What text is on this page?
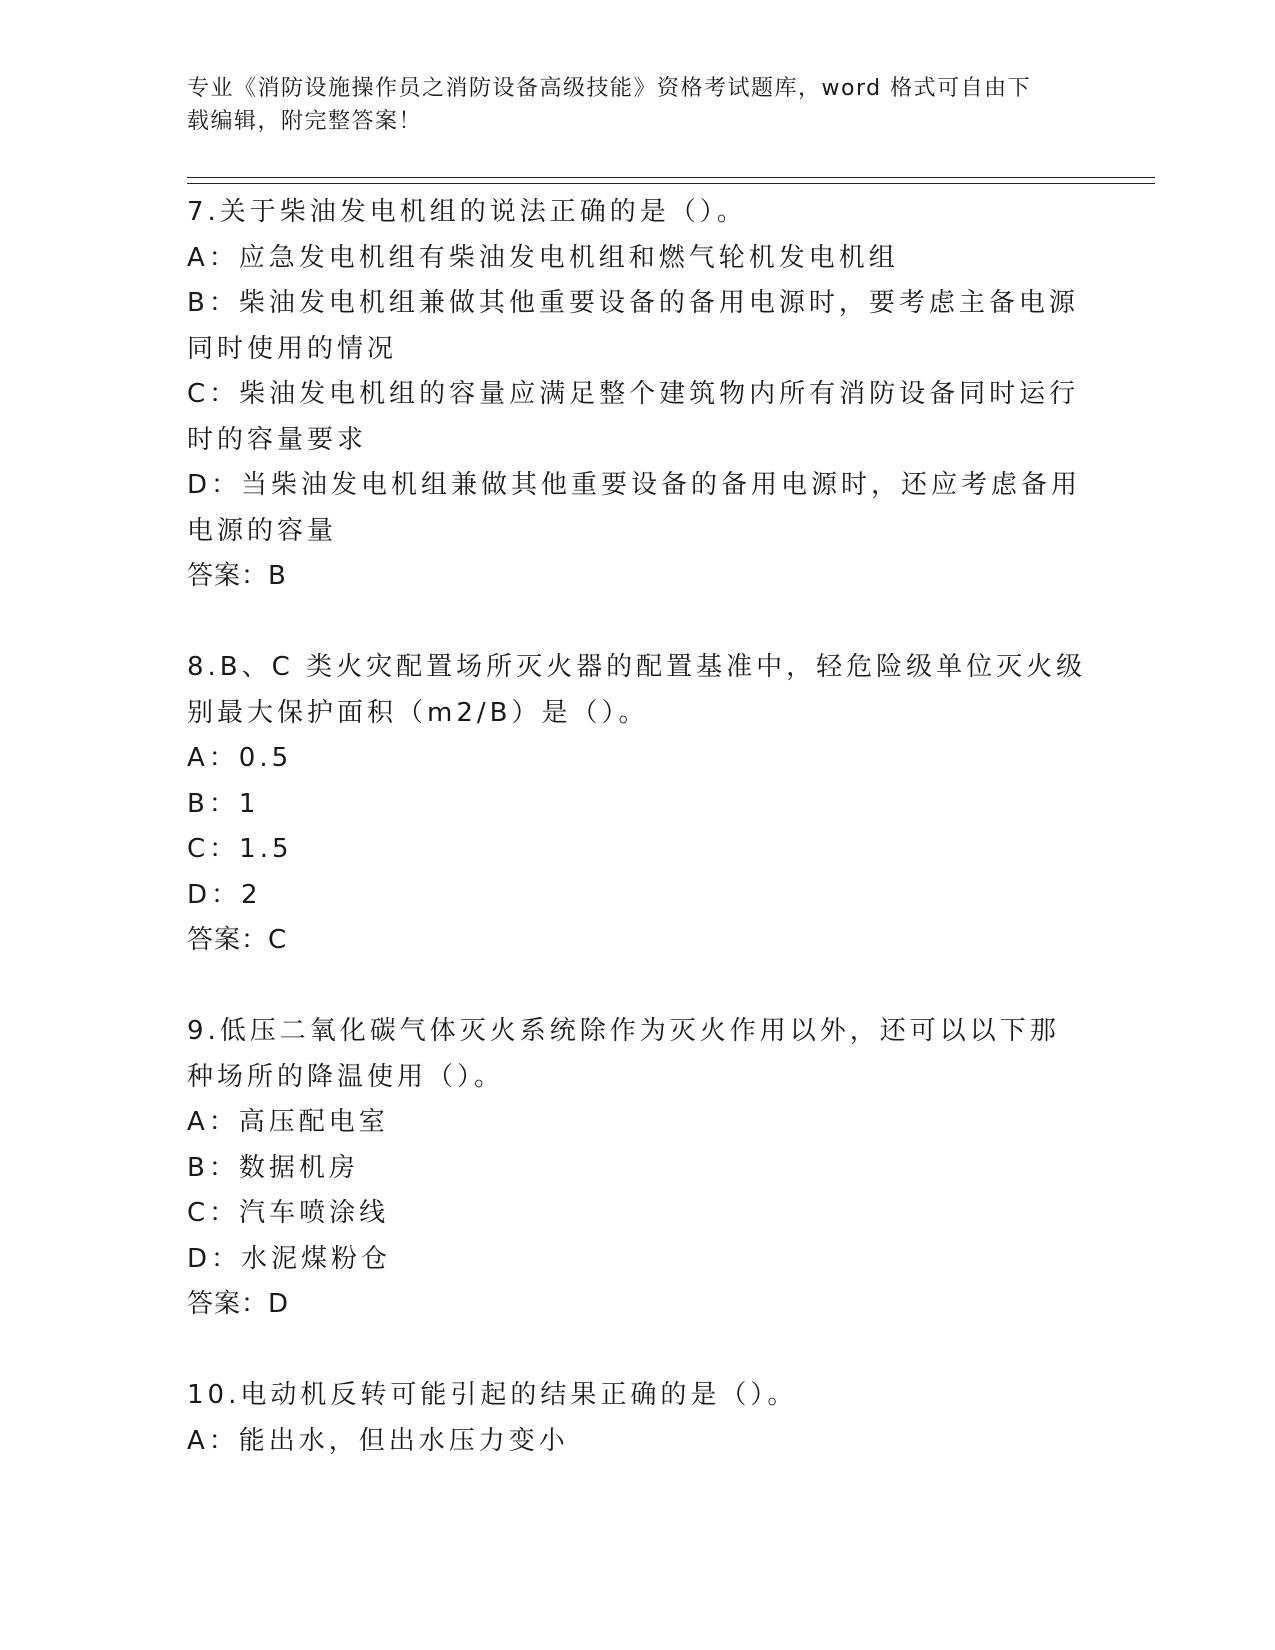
专业《消防设施操作员之消防设备高级技能》资格考试题库，word 格式可自由下
载编辑，附完整答案！
7.关于柴油发电机组的说法正确的是（）。
A：应急发电机组有柴油发电机组和燃气轮机发电机组
B：柴油发电机组兼做其他重要设备的备用电源时，要考虑主备电源同时使用的情况
C：柴油发电机组的容量应满足整个建筑物内所有消防设备同时运行时的容量要求
D：当柴油发电机组兼做其他重要设备的备用电源时，还应考虑备用电源的容量
答案：B
8.B、C 类火灾配置场所灭火器的配置基准中，轻危险级单位灭火级别最大保护面积（m2/B）是（）。
A：0.5
B：1
C：1.5
D：2
答案：C
9.低压二氧化碳气体灭火系统除作为灭火作用以外，还可以以下那种场所的降温使用（）。
A：高压配电室
B：数据机房
C：汽车喷涂线
D：水泥煤粉仓
答案：D
10.电动机反转可能引起的结果正确的是（）。
A：能出水，但出水压力变小
